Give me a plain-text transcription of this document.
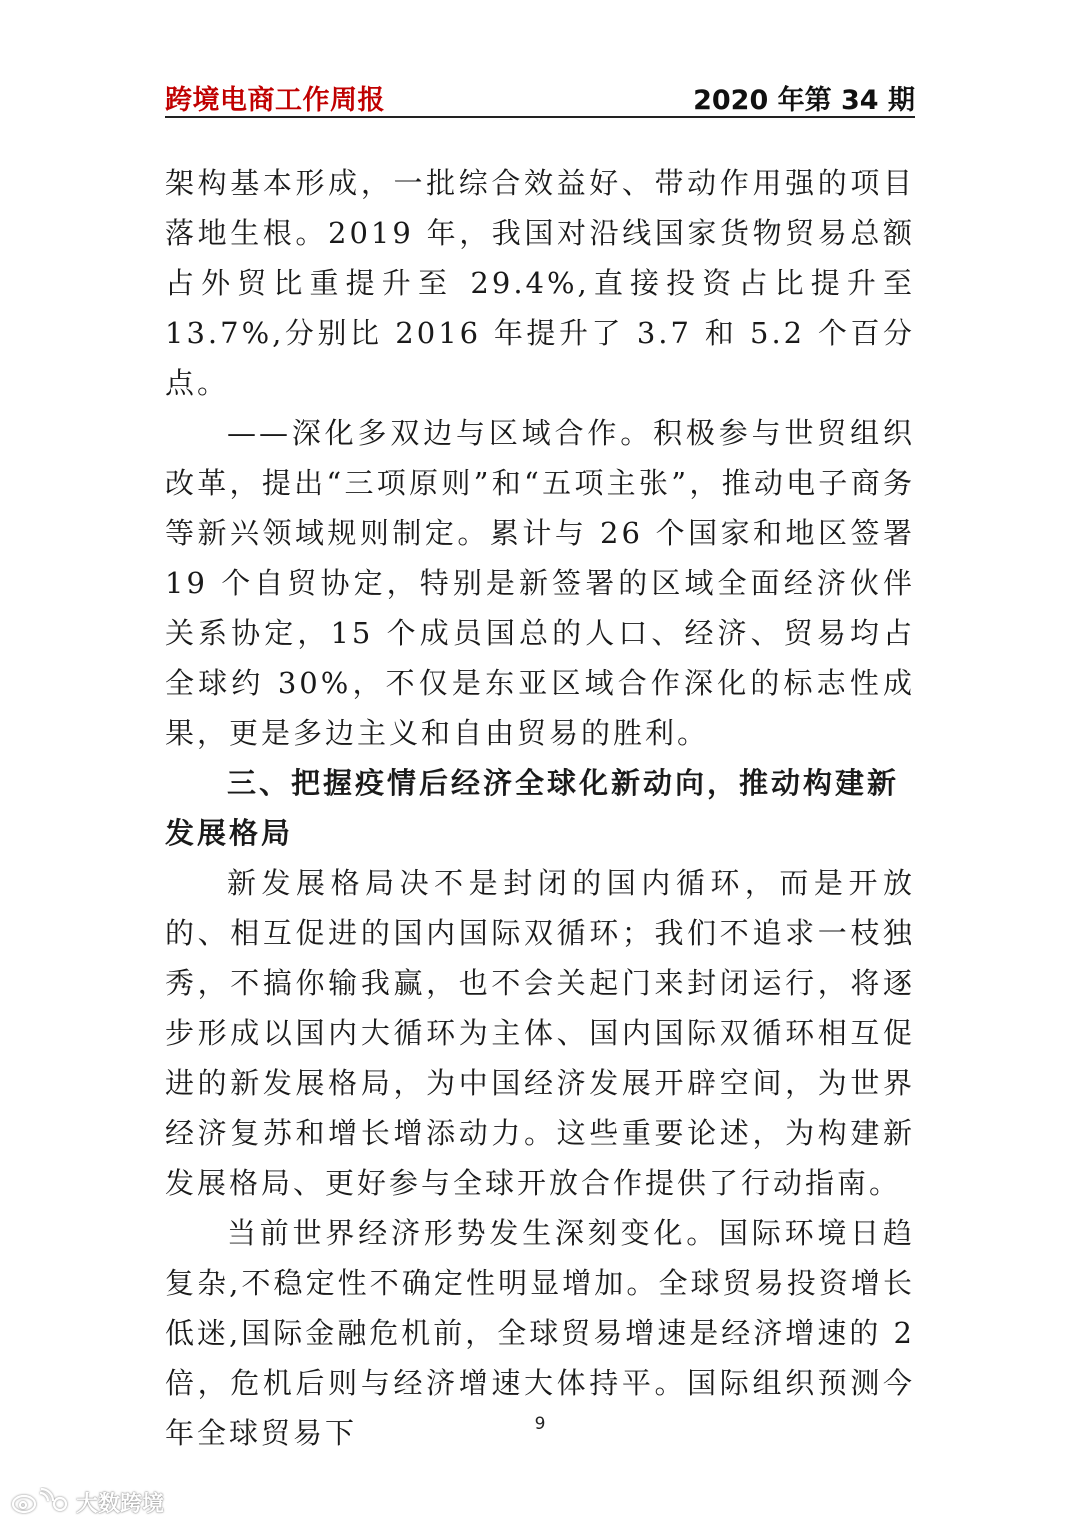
跨境电商工作周报	2020 年第 34 期

架构基本形成，一批综合效益好、带动作用强的项目落地生根。2019 年，我国对沿线国家货物贸易总额占外贸比重提升至 29.4%,直接投资占比提升至 13.7%,分别比 2016 年提升了 3.7 和 5.2 个百分点。

——深化多双边与区域合作。积极参与世贸组织改革，提出“三项原则”和“五项主张”，推动电子商务等新兴领域规则制定。累计与 26 个国家和地区签署 19 个自贸协定，特别是新签署的区域全面经济伙伴关系协定，15 个成员国总的人口、经济、贸易均占全球约 30%，不仅是东亚区域合作深化的标志性成果，更是多边主义和自由贸易的胜利。

三、把握疫情后经济全球化新动向，推动构建新发展格局

新发展格局决不是封闭的国内循环，而是开放的、相互促进的国内国际双循环；我们不追求一枝独秀，不搞你输我赢，也不会关起门来封闭运行，将逐步形成以国内大循环为主体、国内国际双循环相互促进的新发展格局，为中国经济发展开辟空间，为世界经济复苏和增长增添动力。这些重要论述，为构建新发展格局、更好参与全球开放合作提供了行动指南。

当前世界经济形势发生深刻变化。国际环境日趋复杂,不稳定性不确定性明显增加。全球贸易投资增长低迷,国际金融危机前，全球贸易增速是经济增速的 2 倍，危机后则与经济增速大体持平。国际组织预测今年全球贸易下	9
大数跨境
